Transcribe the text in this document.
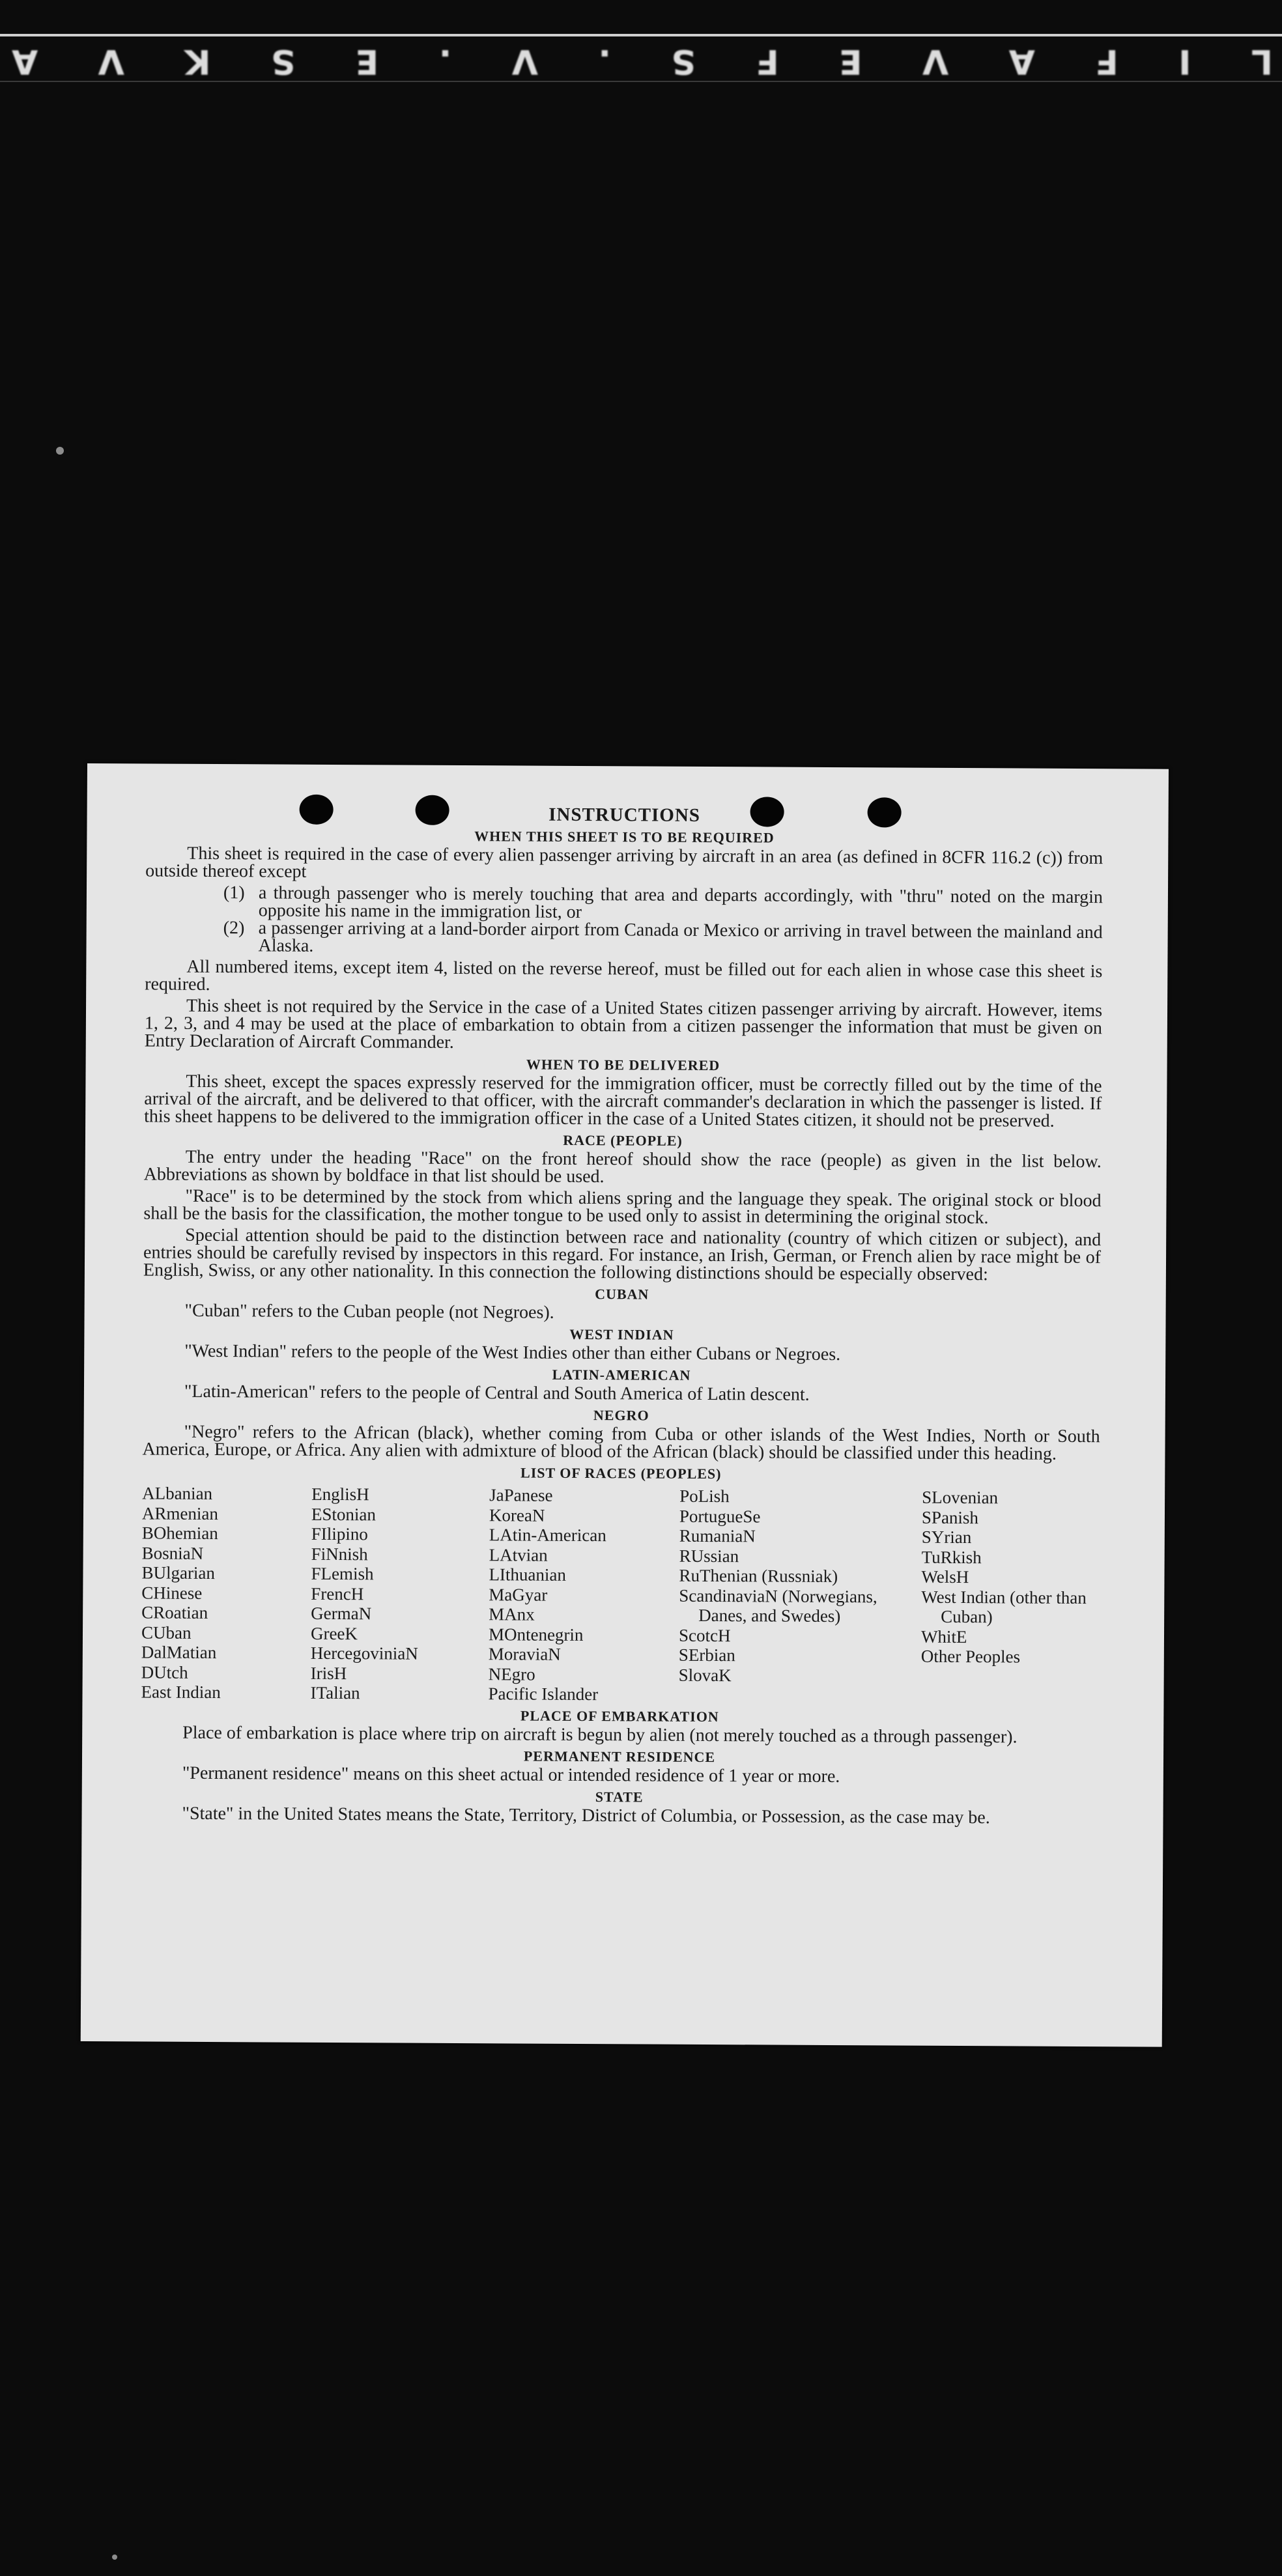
L
I
F
A
V
E
F
S
.
V
.
E
S
K
V
A
INSTRUCTIONS
WHEN THIS SHEET IS TO BE REQUIRED

This sheet is required in the case of every alien passenger arriving by aircraft in an area (as defined in 8CFR 116.2 (c)) from outside thereof except

(1) a through passenger who is merely touching that area and departs accordingly, with "thru" noted on the margin opposite his name in the immigration list, or
(2) a passenger arriving at a land-border airport from Canada or Mexico or arriving in travel between the mainland and Alaska.

All numbered items, except item 4, listed on the reverse hereof, must be filled out for each alien in whose case this sheet is required.

This sheet is not required by the Service in the case of a United States citizen passenger arriving by aircraft. However, items 1, 2, 3, and 4 may be used at the place of embarkation to obtain from a citizen passenger the information that must be given on Entry Declaration of Aircraft Commander.

WHEN TO BE DELIVERED

This sheet, except the spaces expressly reserved for the immigration officer, must be correctly filled out by the time of the arrival of the aircraft, and be delivered to that officer, with the aircraft commander's declaration in which the passenger is listed. If this sheet happens to be delivered to the immigration officer in the case of a United States citizen, it should not be preserved.

RACE (PEOPLE)

The entry under the heading "Race" on the front hereof should show the race (people) as given in the list below. Abbreviations as shown by boldface in that list should be used.

"Race" is to be determined by the stock from which aliens spring and the language they speak. The original stock or blood shall be the basis for the classification, the mother tongue to be used only to assist in determining the original stock.

Special attention should be paid to the distinction between race and nationality (country of which citizen or subject), and entries should be carefully revised by inspectors in this regard. For instance, an Irish, German, or French alien by race might be of English, Swiss, or any other nationality. In this connection the following distinctions should be especially observed:

CUBAN

"Cuban" refers to the Cuban people (not Negroes).

WEST INDIAN

"West Indian" refers to the people of the West Indies other than either Cubans or Negroes.

LATIN-AMERICAN

"Latin-American" refers to the people of Central and South America of Latin descent.

NEGRO

"Negro" refers to the African (black), whether coming from Cuba or other islands of the West Indies, North or South America, Europe, or Africa. Any alien with admixture of blood of the African (black) should be classified under this heading.

LIST OF RACES (PEOPLES)
ALbanian
ARmenian
BOhemian
BosniaN
BUlgarian
CHinese
CRoatian
CUban
DalMatian
DUtch
East Indian
EnglisH
EStonian
FIlipino
FiNnish
FLemish
FrencH
GermaN
GreeK
HercegoviniaN
IrisH
ITalian
JaPanese
KoreaN
LAtin-American
LAtvian
LIthuanian
MaGyar
MAnx
MOntenegrin
MoraviaN
NEgro
Pacific Islander
PoLish
PortugueSe
RumaniaN
RUssian
RuThenian (Russniak)
ScandinaviaN (Norwegians, Danes, and Swedes)
ScotcH
SErbian
SlovaK
SLovenian
SPanish
SYrian
TuRkish
WelsH
West Indian (other than Cuban)
WhitE
Other Peoples
PLACE OF EMBARKATION

Place of embarkation is place where trip on aircraft is begun by alien (not merely touched as a through passenger).

PERMANENT RESIDENCE

"Permanent residence" means on this sheet actual or intended residence of 1 year or more.

STATE

"State" in the United States means the State, Territory, District of Columbia, or Possession, as the case may be.
